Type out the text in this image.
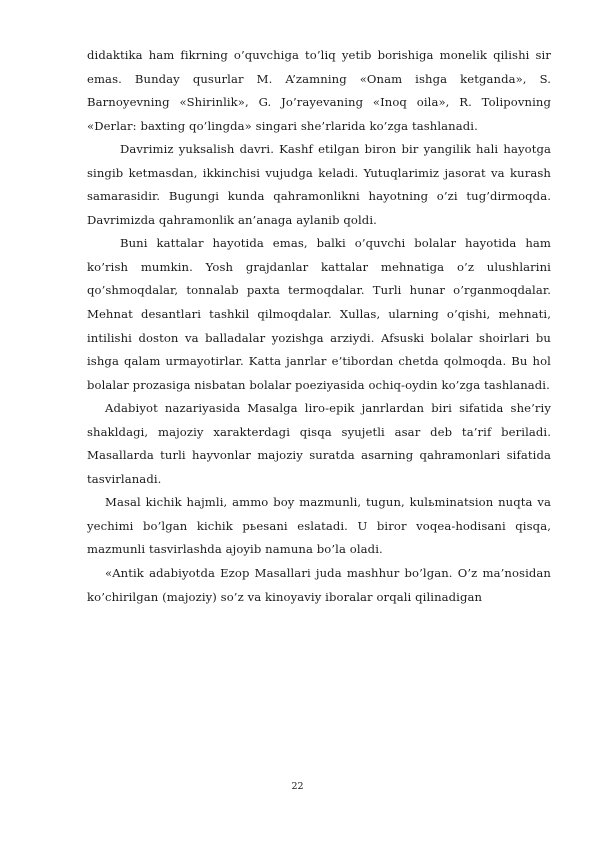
didaktika ham fikrning o’quvchiga to’liq yetib borishiga monelik qilishi sir emas. Bunday qusurlar M. A’zamning «Onam ishga ketganda», S. Barnoyevning «Shirinlik», G. Jo’rayevaning «Inoq oila», R. Tolipovning «Derlar: baxting qo’lingda» singari she’rlarida ko’zga tashlanadi.

Davrimiz yuksalish davri. Kashf etilgan biron bir yangilik hali hayotga singib ketmasdan, ikkinchisi vujudga keladi. Yutuqlarimiz jasorat va kurash samarasidir. Bugungi kunda qahramonlikni hayotning o’zi tug’dirmoqda. Davrimizda qahramonlik an’anaga aylanib qoldi.

Buni kattalar hayotida emas, balki o’quvchi bolalar hayotida ham ko’rish mumkin. Yosh grajdanlar kattalar mehnatiga o’z ulushlarini qo’shmoqdalar, tonnalab paxta termoqdalar. Turli hunar o’rganmoqdalar. Mehnat desantlari tashkil qilmoqdalar. Xullas, ularning o’qishi, mehnati, intilishi doston va balladalar yozishga arziydi. Afsuski bolalar shoirlari bu ishga qalam urmayotirlar. Katta janrlar e’tibordan chetda qolmoqda. Bu hol bolalar prozasiga nisbatan bolalar poeziyasida ochiq-oydin ko’zga tashlanadi.

Adabiyot nazariyasida Masalga liro-epik janrlardan biri sifatida she’riy shakldagi, majoziy xarakterdagi qisqa syujetli asar deb ta’rif beriladi. Masallarda turli hayvonlar majoziy suratda asarning qahramonlari sifatida tasvirlanadi.

Masal kichik hajmli, ammo boy mazmunli, tugun, kulьminatsion nuqta va yechimi bo’lgan kichik pьesani eslatadi. U biror voqea-hodisani qisqa, mazmunli tasvirlashda ajoyib namuna bo’la oladi.

«Antik adabiyotda Ezop Masallari juda mashhur bo’lgan. O’z ma’nosidan ko’chirilgan (majoziy) so’z va kinoyaviy iboralar orqali qilinadigan

22
